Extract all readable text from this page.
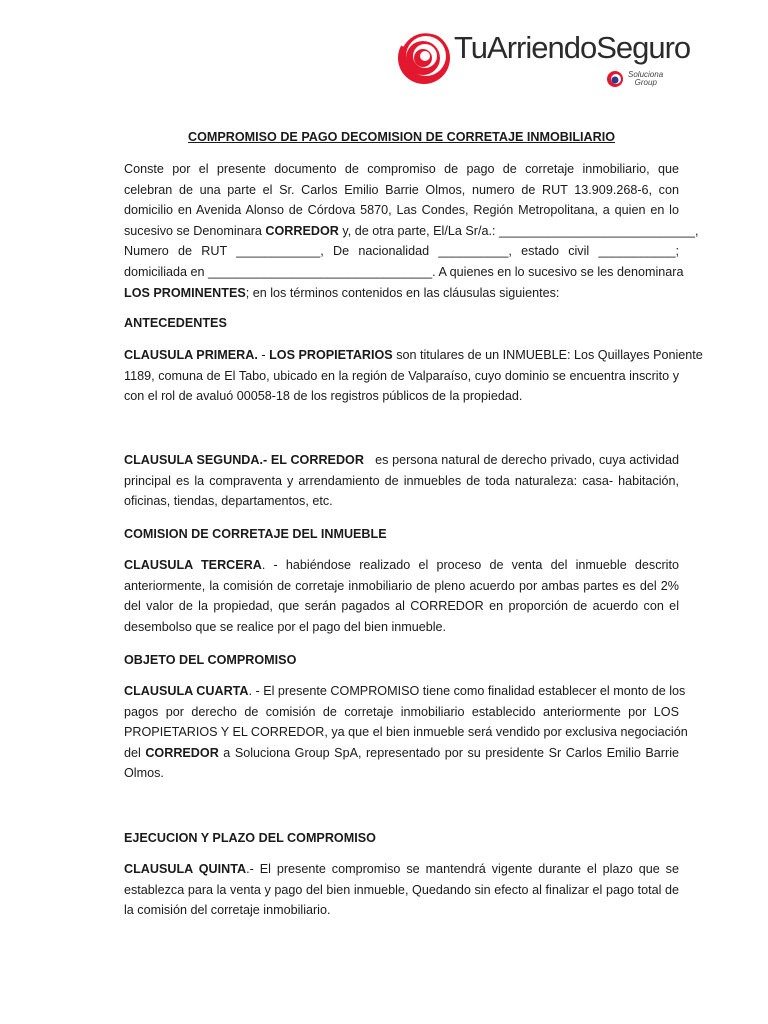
TuArriendoSeguro
Soluciona
Group
COMPROMISO DE PAGO DECOMISION DE CORRETAJE INMOBILIARIO
Conste por el presente documento de compromiso de pago de corretaje inmobiliario, que
celebran de una parte el Sr. Carlos Emilio Barrie Olmos, numero de RUT 13.909.268-6, con
domicilio en Avenida Alonso de Córdova 5870, Las Condes, Región Metropolitana, a quien en lo
sucesivo se Denominara CORREDOR y, de otra parte, El/La Sr/a.: ____________________________,
Numero de RUT ____________, De nacionalidad __________, estado civil ___________;
domiciliada en ________________________________. A quienes en lo sucesivo se les denominara
LOS PROMINENTES; en los términos contenidos en las cláusulas siguientes:
ANTECEDENTES
CLAUSULA PRIMERA. - LOS PROPIETARIOS son titulares de un INMUEBLE: Los Quillayes Poniente
1189, comuna de El Tabo, ubicado en la región de Valparaíso, cuyo dominio se encuentra inscrito y
con el rol de avaluó 00058-18 de los registros públicos de la propiedad.
CLAUSULA SEGUNDA.- EL CORREDOR   es persona natural de derecho privado, cuya actividad
principal es la compraventa y arrendamiento de inmuebles de toda naturaleza: casa- habitación,
oficinas, tiendas, departamentos, etc.
COMISION DE CORRETAJE DEL INMUEBLE
CLAUSULA TERCERA. - habiéndose realizado el proceso de venta del inmueble descrito
anteriormente, la comisión de corretaje inmobiliario de pleno acuerdo por ambas partes es del 2%
del valor de la propiedad, que serán pagados al CORREDOR en proporción de acuerdo con el
desembolso que se realice por el pago del bien inmueble.
OBJETO DEL COMPROMISO
CLAUSULA CUARTA. - El presente COMPROMISO tiene como finalidad establecer el monto de los
pagos por derecho de comisión de corretaje inmobiliario establecido anteriormente por LOS
PROPIETARIOS Y EL CORREDOR, ya que el bien inmueble será vendido por exclusiva negociación
del CORREDOR a Soluciona Group SpA, representado por su presidente Sr Carlos Emilio Barrie
Olmos.
EJECUCION Y PLAZO DEL COMPROMISO
CLAUSULA QUINTA.- El presente compromiso se mantendrá vigente durante el plazo que se
establezca para la venta y pago del bien inmueble, Quedando sin efecto al finalizar el pago total de
la comisión del corretaje inmobiliario.
